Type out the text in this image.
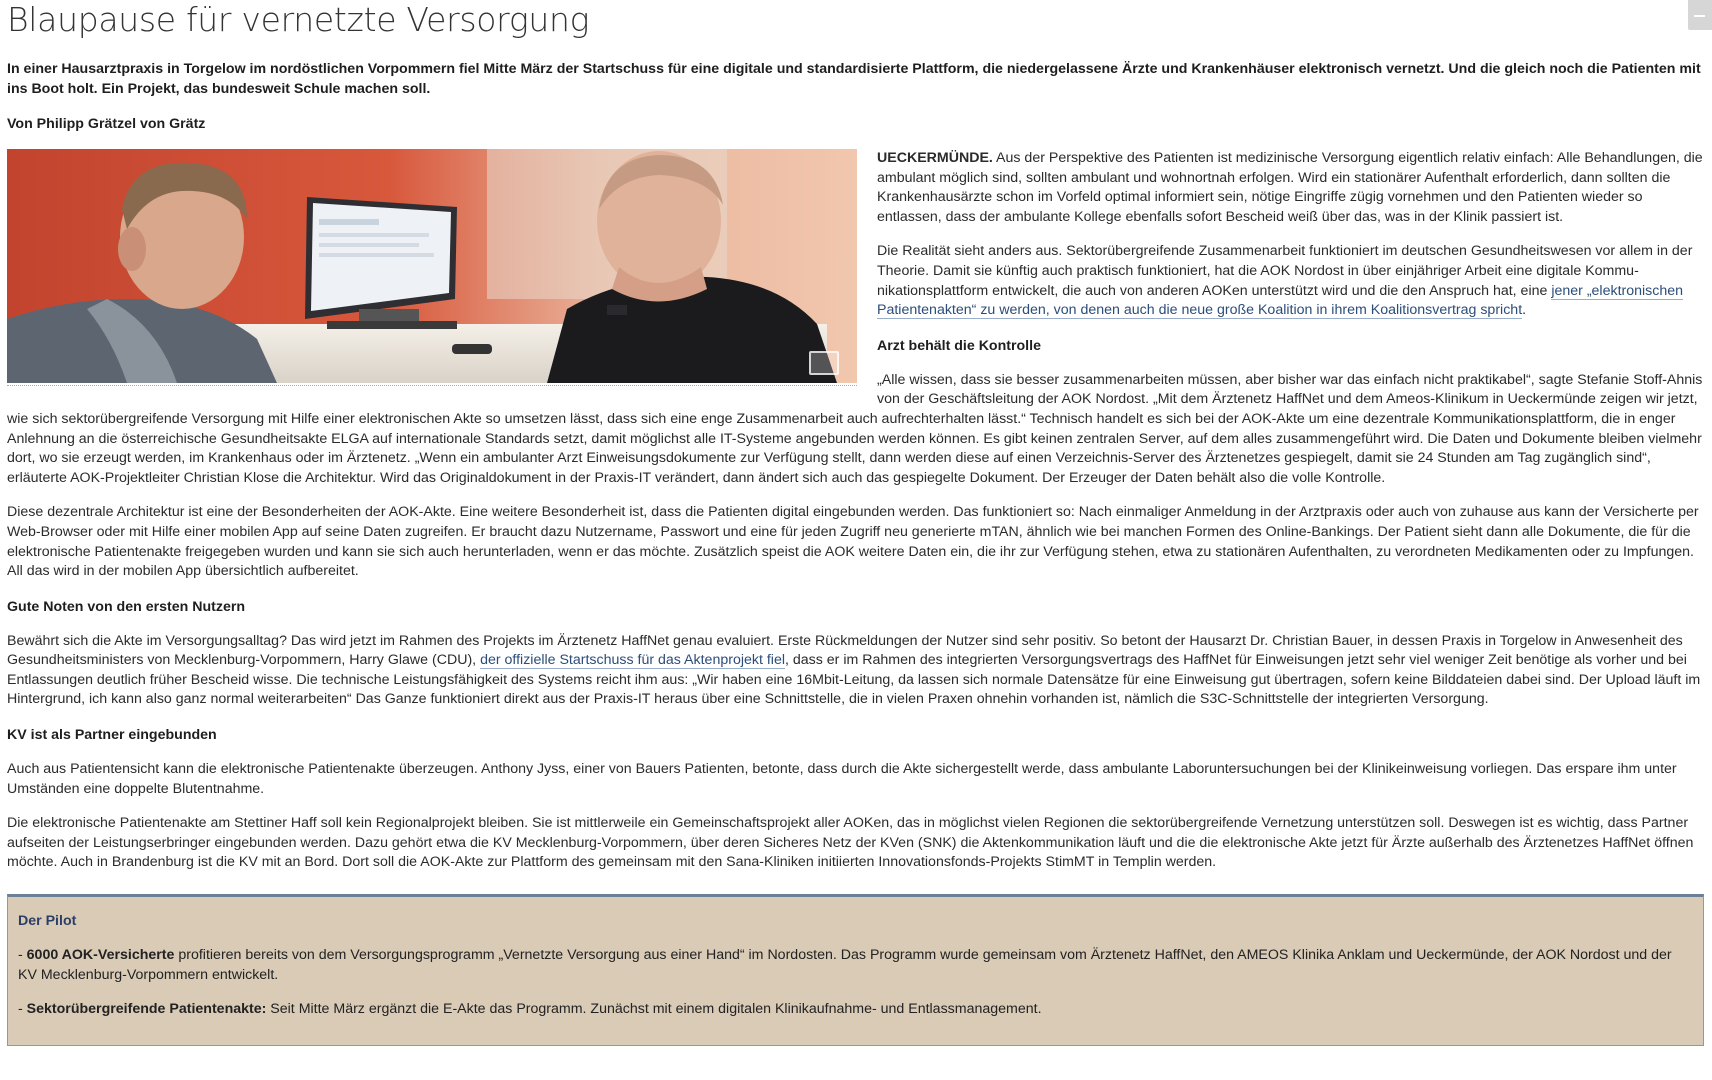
Blaupause für vernetzte Versorgung

In einer Hausarztpraxis in Torgelow im nordöstlichen Vorpommern fiel Mitte März der Startschuss für eine digitale und standardisierte Plattform, die niedergelassene Ärzte und Krankenhäuser elektronisch vernetzt. Und die gleich noch die Patienten mit ins Boot holt. Ein Projekt, das bundesweit Schule machen soll.

Von Philipp Grätzel von Grätz

UECKERMÜNDE. Aus der Perspektive des Patienten ist medizinische Versorgung eigentlich relativ einfach: Alle Behandlungen, die ambulant möglich sind, sollten ambulant und wohnortnah erfolgen. Wird ein stationärer Aufenthalt erforderlich, dann sollten die Krankenhausärzte schon im Vorfeld optimal informiert sein, nötige Eingriffe zügig vornehmen und den Patienten wieder so entlassen, dass der ambulante Kollege ebenfalls sofort Bescheid weiß über das, was in der Klinik passiert ist.

Die Realität sieht anders aus. Sektorübergreifende Zusammenarbeit funktioniert im deutschen Gesundheitswesen vor allem in der Theorie. Damit sie künftig auch praktisch funktioniert, hat die AOK Nordost in über einjähriger Arbeit eine digitale Kommunikationsplattform entwickelt, die auch von anderen AOKen unterstützt wird und die den Anspruch hat, eine jener „elektronischen Patientenakten“ zu werden, von denen auch die neue große Koalition in ihrem Koalitionsvertrag spricht.

Arzt behält die Kontrolle

„Alle wissen, dass sie besser zusammenarbeiten müssen, aber bisher war das einfach nicht praktikabel“, sagte Stefanie Stoff-Ahnis von der Geschäftsleitung der AOK Nordost. „Mit dem Ärztenetz HaffNet und dem Ameos-Klinikum in Ueckermünde zeigen wir jetzt, wie sich sektorübergreifende Versorgung mit Hilfe einer elektronischen Akte so umsetzen lässt, dass sich eine enge Zusammenarbeit auch aufrechterhalten lässt.“ Technisch handelt es sich bei der AOK-Akte um eine dezentrale Kommunikationsplattform, die in enger Anlehnung an die österreichische Gesundheitsakte ELGA auf internationale Standards setzt, damit möglichst alle IT-Systeme angebunden werden können. Es gibt keinen zentralen Server, auf dem alles zusammengeführt wird. Die Daten und Dokumente bleiben vielmehr dort, wo sie erzeugt werden, im Krankenhaus oder im Ärztenetz. „Wenn ein ambulanter Arzt Einweisungsdokumente zur Verfügung stellt, dann werden diese auf einen Verzeichnis-Server des Ärztenetzes gespiegelt, damit sie 24 Stunden am Tag zugänglich sind“, erläuterte AOK-Projektleiter Christian Klose die Architektur. Wird das Originaldokument in der Praxis-IT verändert, dann ändert sich auch das gespiegelte Dokument. Der Erzeuger der Daten behält also die volle Kontrolle.

Diese dezentrale Architektur ist eine der Besonderheiten der AOK-Akte. Eine weitere Besonderheit ist, dass die Patienten digital eingebunden werden. Das funktioniert so: Nach einmaliger Anmeldung in der Arztpraxis oder auch von zuhause aus kann der Versicherte per Web-Browser oder mit Hilfe einer mobilen App auf seine Daten zugreifen. Er braucht dazu Nutzername, Passwort und eine für jeden Zugriff neu generierte mTAN, ähnlich wie bei manchen Formen des Online-Bankings. Der Patient sieht dann alle Dokumente, die für die elektronische Patientenakte freigegeben wurden und kann sie sich auch herunterladen, wenn er das möchte. Zusätzlich speist die AOK weitere Daten ein, die ihr zur Verfügung stehen, etwa zu stationären Aufenthalten, zu verordneten Medikamenten oder zu Impfungen. All das wird in der mobilen App übersichtlich aufbereitet.

Gute Noten von den ersten Nutzern

Bewährt sich die Akte im Versorgungsalltag? Das wird jetzt im Rahmen des Projekts im Ärztenetz HaffNet genau evaluiert. Erste Rückmeldungen der Nutzer sind sehr positiv. So betont der Hausarzt Dr. Christian Bauer, in dessen Praxis in Torgelow in Anwesenheit des Gesundheitsministers von Mecklenburg-Vorpommern, Harry Glawe (CDU), der offizielle Startschuss für das Aktenprojekt fiel, dass er im Rahmen des integrierten Versorgungsvertrags des HaffNet für Einweisungen jetzt sehr viel weniger Zeit benötige als vorher und bei Entlassungen deutlich früher Bescheid wisse. Die technische Leistungsfähigkeit des Systems reicht ihm aus: „Wir haben eine 16Mbit-Leitung, da lassen sich normale Datensätze für eine Einweisung gut übertragen, sofern keine Bilddateien dabei sind. Der Upload läuft im Hintergrund, ich kann also ganz normal weiterarbeiten“ Das Ganze funktioniert direkt aus der Praxis-IT heraus über eine Schnittstelle, die in vielen Praxen ohnehin vorhanden ist, nämlich die S3C-Schnittstelle der integrierten Versorgung.

KV ist als Partner eingebunden

Auch aus Patientensicht kann die elektronische Patientenakte überzeugen. Anthony Jyss, einer von Bauers Patienten, betonte, dass durch die Akte sichergestellt werde, dass ambulante Laboruntersuchungen bei der Klinikeinweisung vorliegen. Das erspare ihm unter Umständen eine doppelte Blutentnahme.

Die elektronische Patientenakte am Stettiner Haff soll kein Regionalprojekt bleiben. Sie ist mittlerweile ein Gemeinschaftsprojekt aller AOKen, das in möglichst vielen Regionen die sektorübergreifende Vernetzung unterstützen soll. Deswegen ist es wichtig, dass Partner aufseiten der Leistungserbringer eingebunden werden. Dazu gehört etwa die KV Mecklenburg-Vorpommern, über deren Sicheres Netz der KVen (SNK) die Aktenkommunikation läuft und die die elektronische Akte jetzt für Ärzte außerhalb des Ärztenetzes HaffNet öffnen möchte. Auch in Brandenburg ist die KV mit an Bord. Dort soll die AOK-Akte zur Plattform des gemeinsam mit den Sana-Kliniken initiierten Innovationsfonds-Projekts StimMT in Templin werden.

Der Pilot

- 6000 AOK-Versicherte profitieren bereits von dem Versorgungsprogramm „Vernetzte Versorgung aus einer Hand“ im Nordosten. Das Programm wurde gemeinsam vom Ärztenetz HaffNet, den AMEOS Klinika Anklam und Ueckermünde, der AOK Nordost und der KV Mecklenburg-Vorpommern entwickelt.

- Sektorübergreifende Patientenakte: Seit Mitte März ergänzt die E-Akte das Programm. Zunächst mit einem digitalen Klinikaufnahme- und Entlassmanagement.
